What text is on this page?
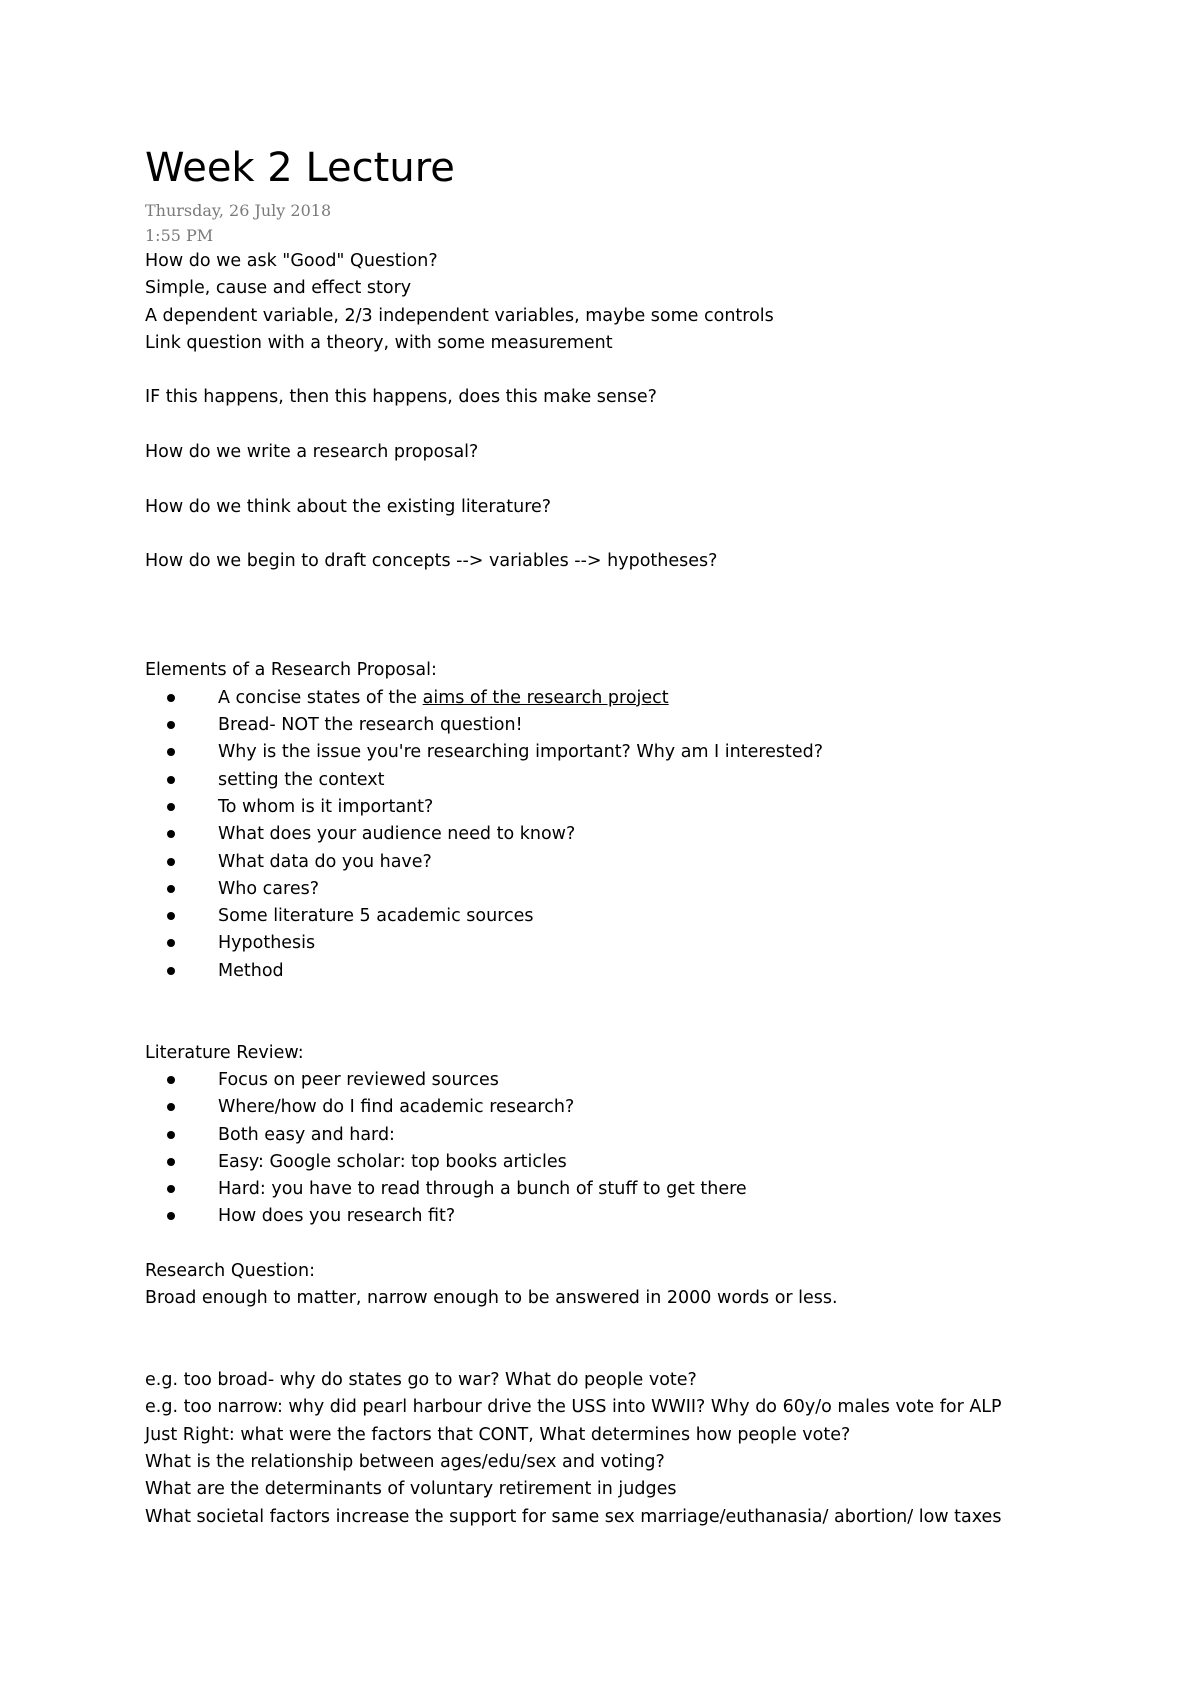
Week 2 Lecture

Thursday, 26 July 2018

1:55 PM

How do we ask "Good" Question?

Simple, cause and effect story

A dependent variable, 2/3 independent variables, maybe some controls

Link question with a theory, with some measurement

IF this happens, then this happens, does this make sense?

How do we write a research proposal?

How do we think about the existing literature?

How do we begin to draft concepts --> variables --> hypotheses?

Elements of a Research Proposal:

A concise states of the aims of the research project
Bread- NOT the research question!
Why is the issue you're researching important? Why am I interested?
setting the context
To whom is it important?
What does your audience need to know?
What data do you have?
Who cares?
Some literature 5 academic sources
Hypothesis
Method

Literature Review:

Focus on peer reviewed sources
Where/how do I find academic research?
Both easy and hard:
Easy: Google scholar: top books articles
Hard: you have to read through a bunch of stuff to get there
How does you research fit?

Research Question:

Broad enough to matter, narrow enough to be answered in 2000 words or less.

e.g. too broad- why do states go to war? What do people vote?

e.g. too narrow: why did pearl harbour drive the USS into WWII? Why do 60y/o males vote for ALP

Just Right: what were the factors that CONT, What determines how people vote?

What is the relationship between ages/edu/sex and voting?

What are the determinants of voluntary retirement in judges

What societal factors increase the support for same sex marriage/euthanasia/ abortion/ low taxes
